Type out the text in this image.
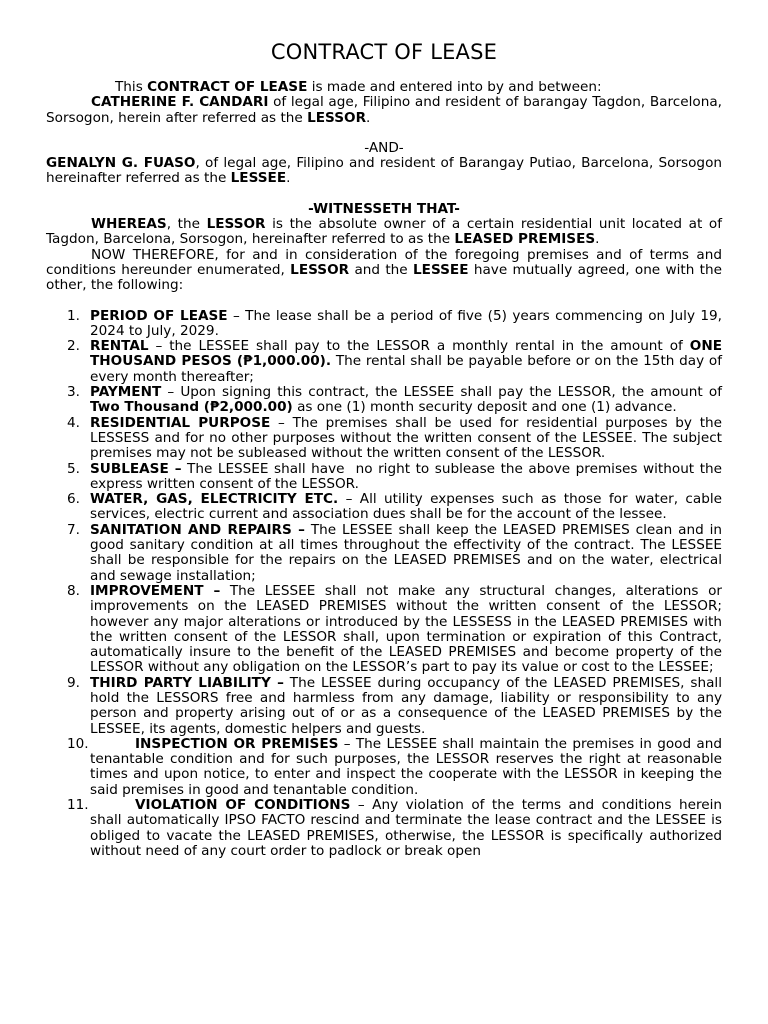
CONTRACT OF LEASE

This CONTRACT OF LEASE is made and entered into by and between:

CATHERINE F. CANDARI of legal age, Filipino and resident of barangay Tagdon, Barcelona, Sorsogon, herein after referred as the LESSOR.

-AND-

GENALYN G. FUASO, of legal age, Filipino and resident of Barangay Putiao, Barcelona, Sorsogon hereinafter referred as the LESSEE.

-WITNESSETH THAT-

WHEREAS, the LESSOR is the absolute owner of a certain residential unit located at of Tagdon, Barcelona, Sorsogon, hereinafter referred to as the LEASED PREMISES.

NOW THEREFORE, for and in consideration of the foregoing premises and of terms and conditions hereunder enumerated, LESSOR and the LESSEE have mutually agreed, one with the other, the following:

1. PERIOD OF LEASE – The lease shall be a period of five (5) years commencing on July 19, 2024 to July, 2029.
2. RENTAL – the LESSEE shall pay to the LESSOR a monthly rental in the amount of ONE THOUSAND PESOS (₱1,000.00). The rental shall be payable before or on the 15th day of every month thereafter;
3. PAYMENT – Upon signing this contract, the LESSEE shall pay the LESSOR, the amount of Two Thousand (₱2,000.00) as one (1) month security deposit and one (1) advance.
4. RESIDENTIAL PURPOSE – The premises shall be used for residential purposes by the LESSESS and for no other purposes without the written consent of the LESSEE. The subject premises may not be subleased without the written consent of the LESSOR.
5. SUBLEASE – The LESSEE shall have  no right to sublease the above premises without the express written consent of the LESSOR.
6. WATER, GAS, ELECTRICITY ETC. – All utility expenses such as those for water, cable services, electric current and association dues shall be for the account of the lessee.
7. SANITATION AND REPAIRS – The LESSEE shall keep the LEASED PREMISES clean and in good sanitary condition at all times throughout the effectivity of the contract. The LESSEE shall be responsible for the repairs on the LEASED PREMISES and on the water, electrical and sewage installation;
8. IMPROVEMENT – The LESSEE shall not make any structural changes, alterations or improvements on the LEASED PREMISES without the written consent of the LESSOR; however any major alterations or introduced by the LESSESS in the LEASED PREMISES with the written consent of the LESSOR shall, upon termination or expiration of this Contract, automatically insure to the benefit of the LEASED PREMISES and become property of the LESSOR without any obligation on the LESSOR’s part to pay its value or cost to the LESSEE;
9. THIRD PARTY LIABILITY – The LESSEE during occupancy of the LEASED PREMISES, shall hold the LESSORS free and harmless from any damage, liability or responsibility to any person and property arising out of or as a consequence of the LEASED PREMISES by the LESSEE, its agents, domestic helpers and guests.
10.	INSPECTION OR PREMISES – The LESSEE shall maintain the premises in good and tenantable condition and for such purposes, the LESSOR reserves the right at reasonable times and upon notice, to enter and inspect the cooperate with the LESSOR in keeping the said premises in good and tenantable condition.
11.	VIOLATION OF CONDITIONS – Any violation of the terms and conditions herein shall automatically IPSO FACTO rescind and terminate the lease contract and the LESSEE is obliged to vacate the LEASED PREMISES, otherwise, the LESSOR is specifically authorized without need of any court order to padlock or break open
